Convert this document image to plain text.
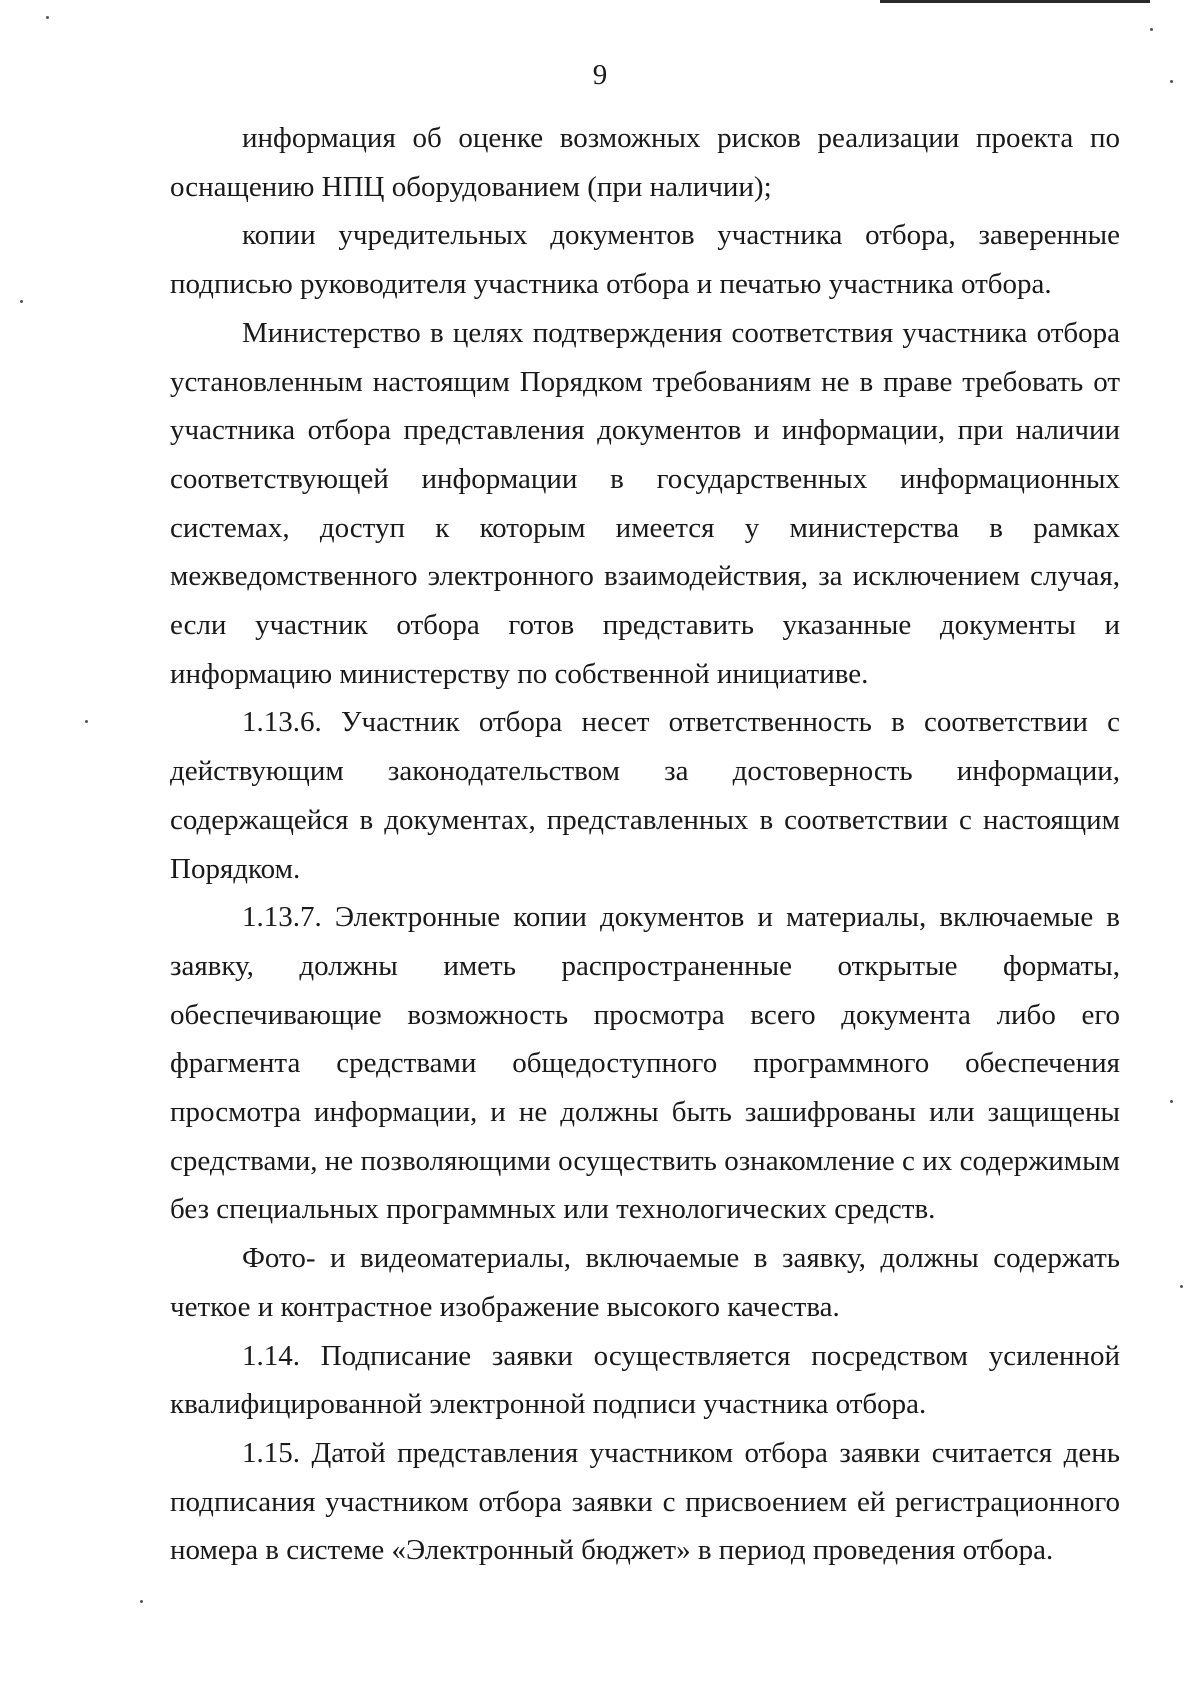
9

информация об оценке возможных рисков реализации проекта по оснащению НПЦ оборудованием (при наличии);

копии учредительных документов участника отбора, заверенные подписью руководителя участника отбора и печатью участника отбора.

Министерство в целях подтверждения соответствия участника отбора установленным настоящим Порядком требованиям не в праве требовать от участника отбора представления документов и информации, при наличии соответствующей информации в государственных информационных системах, доступ к которым имеется у министерства в рамках межведомственного электронного взаимодействия, за исключением случая, если участник отбора готов представить указанные документы и информацию министерству по собственной инициативе.

1.13.6. Участник отбора несет ответственность в соответствии с действующим законодательством за достоверность информации, содержащейся в документах, представленных в соответствии с настоящим Порядком.

1.13.7. Электронные копии документов и материалы, включаемые в заявку, должны иметь распространенные открытые форматы, обеспечивающие возможность просмотра всего документа либо его фрагмента средствами общедоступного программного обеспечения просмотра информации, и не должны быть зашифрованы или защищены средствами, не позволяющими осуществить ознакомление с их содержимым без специальных программных или технологических средств.

Фото- и видеоматериалы, включаемые в заявку, должны содержать четкое и контрастное изображение высокого качества.

1.14. Подписание заявки осуществляется посредством усиленной квалифицированной электронной подписи участника отбора.

1.15. Датой представления участником отбора заявки считается день подписания участником отбора заявки с присвоением ей регистрационного номера в системе «Электронный бюджет» в период проведения отбора.
